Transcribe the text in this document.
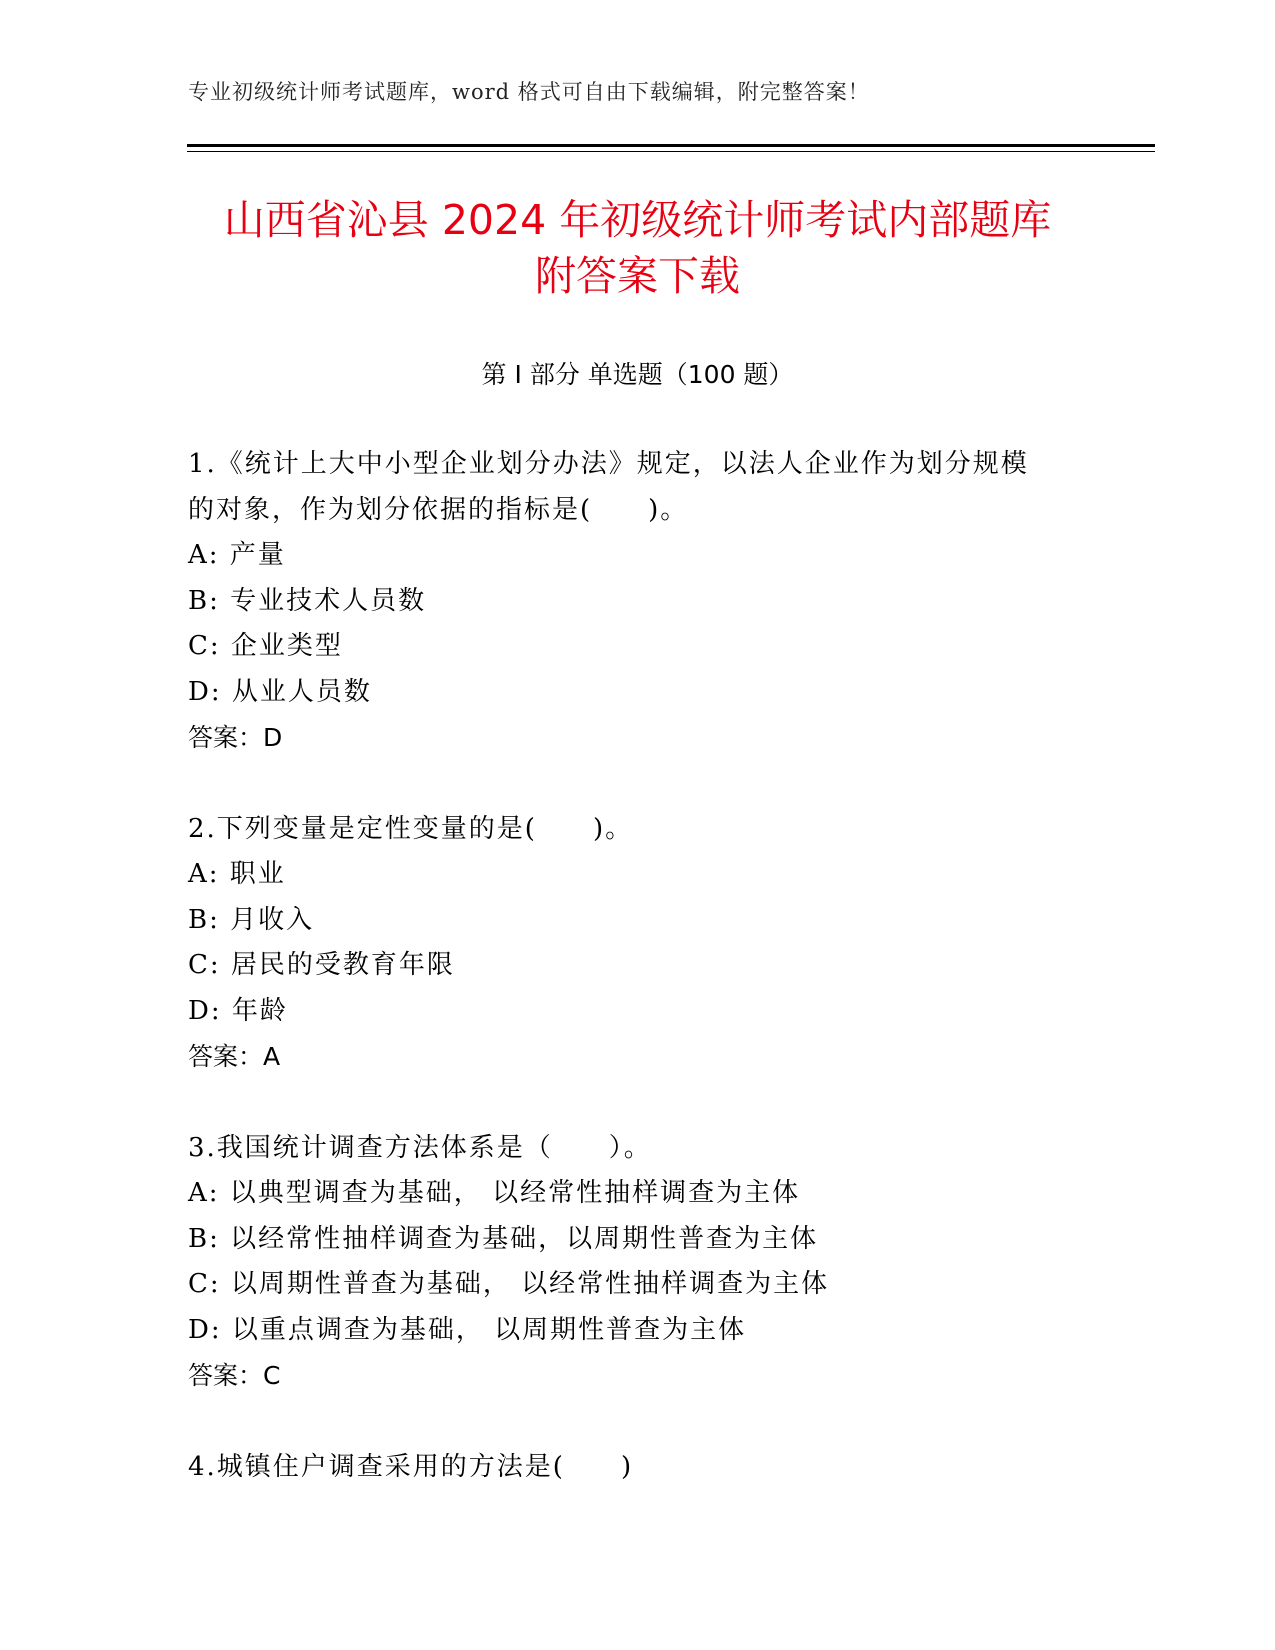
专业初级统计师考试题库，word 格式可自由下载编辑，附完整答案！
山西省沁县 2024 年初级统计师考试内部题库
附答案下载
第 I 部分 单选题（100 题）
1.《统计上大中小型企业划分办法》规定，以法人企业作为划分规模
的对象，作为划分依据的指标是(　　)。
A: 产量
B: 专业技术人员数
C: 企业类型
D: 从业人员数
答案：D
2.下列变量是定性变量的是(　　)。
A: 职业
B: 月收入
C: 居民的受教育年限
D: 年龄
答案：A
3.我国统计调查方法体系是（　　）。
A: 以典型调查为基础， 以经常性抽样调查为主体
B: 以经常性抽样调查为基础，以周期性普查为主体
C: 以周期性普查为基础， 以经常性抽样调查为主体
D: 以重点调查为基础， 以周期性普查为主体
答案：C
4.城镇住户调查采用的方法是(　　)
